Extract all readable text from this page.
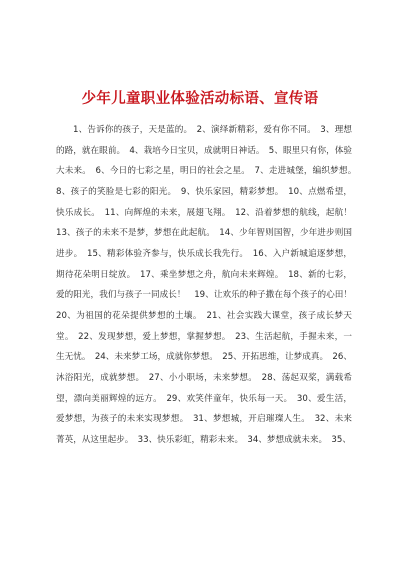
少年儿童职业体验活动标语、宣传语

1、告诉你的孩子，天是蓝的。　2、演绎新精彩，爱有你不同。　3、理想的路，就在眼前。　4、栽培今日宝贝，成就明日神话。　5、眼里只有你，体验大未来。　6、今日的七彩之星，明日的社会之星。　7、走进城堡，编织梦想。　8、孩子的笑脸是七彩的阳光。　9、快乐家园，精彩梦想。　10、点燃希望，快乐成长。　11、向辉煌的未来，展翅飞翔。　12、沿着梦想的航线，起航！　13、孩子的未来不是梦，梦想在此起航。　14、少年智则国智，少年进步则国进步。　15、精彩体验齐参与，快乐成长我先行。　16、入户新城追逐梦想，期待花朵明日绽放。　17、乘坐梦想之舟，航向未来辉煌。　18、新的七彩，爱的阳光，我们与孩子一同成长！　19、让欢乐的种子撒在每个孩子的心田！　20、为祖国的花朵提供梦想的土壤。　21、社会实践大课堂，孩子成长梦天堂。　22、发现梦想，爱上梦想，掌握梦想。　23、生活起航，手握未来，一生无忧。　24、未来梦工场，成就你梦想。　25、开拓思维，让梦成真。　26、沐浴阳光，成就梦想。　27、小小职场，未来梦想。　28、荡起双桨，满载希望，漂向美丽辉煌的远方。　29、欢笑伴童年，快乐每一天。　30、爱生活，爱梦想，为孩子的未来实现梦想。　31、梦想城，开启璀璨人生。　32、未来菁英，从这里起步。　33、快乐彩虹，精彩未来。　34、梦想成就未来。　35、
